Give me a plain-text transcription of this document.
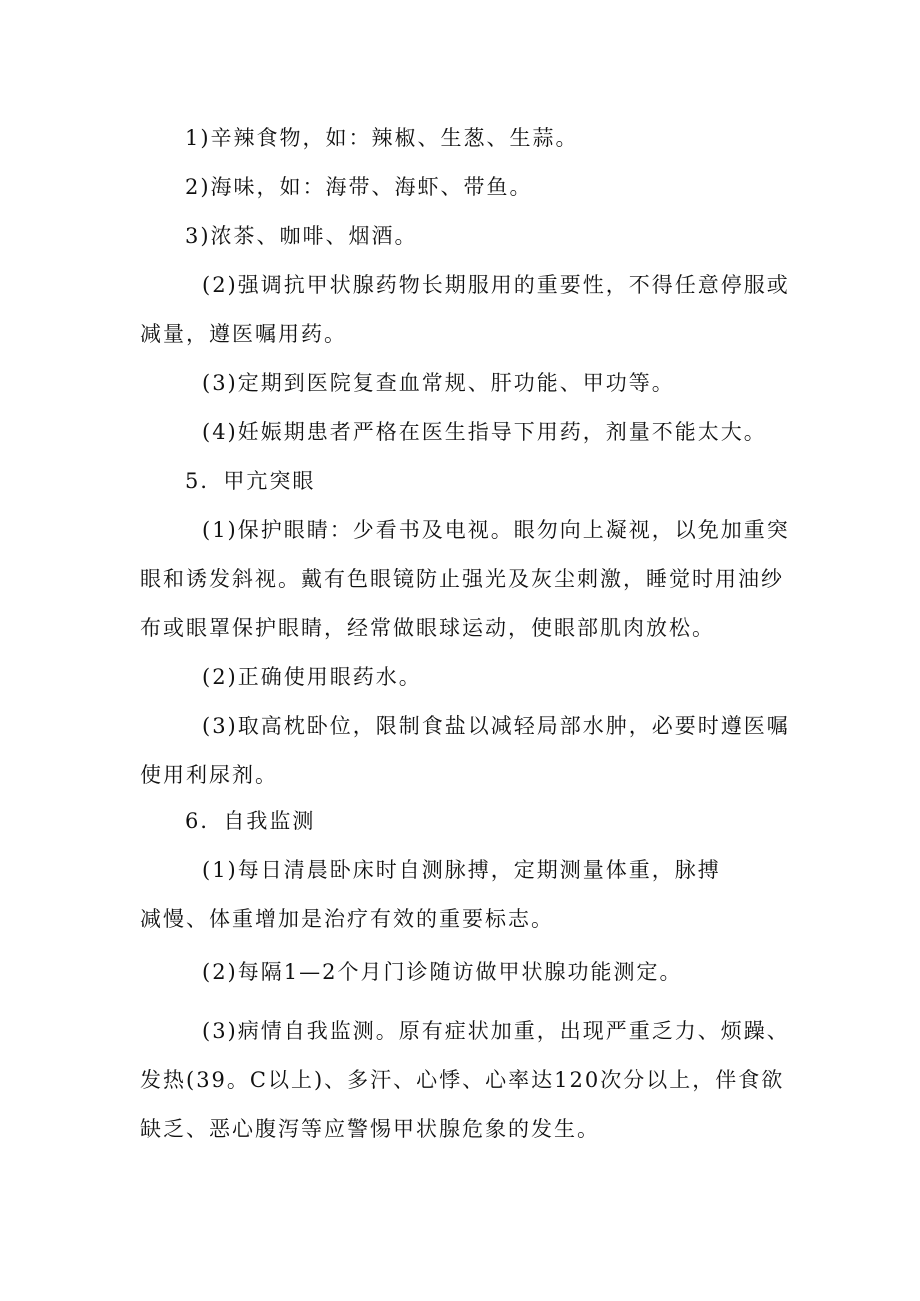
1)辛辣食物，如：辣椒、生葱、生蒜。
2)海味，如：海带、海虾、带鱼。
3)浓茶、咖啡、烟酒。
(2)强调抗甲状腺药物长期服用的重要性，不得任意停服或
减量，遵医嘱用药。
(3)定期到医院复查血常规、肝功能、甲功等。
(4)妊娠期患者严格在医生指导下用药，剂量不能太大。
5．甲亢突眼
(1)保护眼睛：少看书及电视。眼勿向上凝视，以免加重突
眼和诱发斜视。戴有色眼镜防止强光及灰尘刺激，睡觉时用油纱
布或眼罩保护眼睛，经常做眼球运动，使眼部肌肉放松。
(2)正确使用眼药水。
(3)取高枕卧位，限制食盐以减轻局部水肿，必要时遵医嘱
使用利尿剂。
6．自我监测
(1)每日清晨卧床时自测脉搏，定期测量体重，脉搏
减慢、体重增加是治疗有效的重要标志。
(2)每隔1—2个月门诊随访做甲状腺功能测定。
(3)病情自我监测。原有症状加重，出现严重乏力、烦躁、
发热(39。C以上)、多汗、心悸、心率达120次分以上，伴食欲
缺乏、恶心腹泻等应警惕甲状腺危象的发生。
